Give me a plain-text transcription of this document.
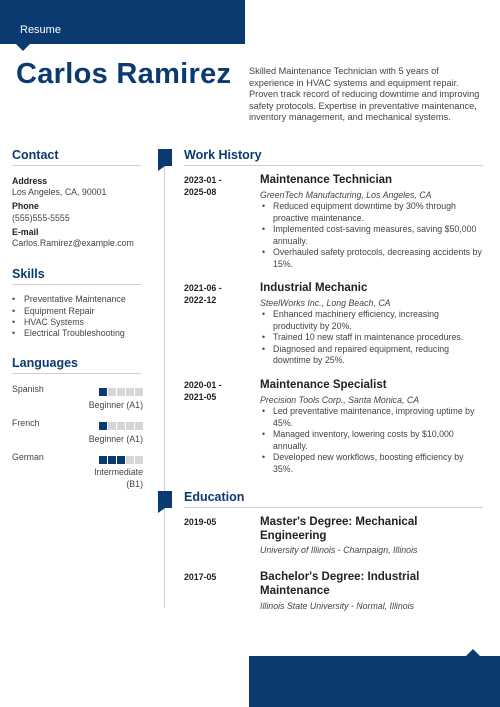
Resume
Carlos Ramirez Skilled Maintenance Technician with 5 years of experience in HVAC systems and equipment repair. Proven track record of reducing downtime and improving safety protocols. Expertise in preventative maintenance, inventory management, and mechanical systems.
Contact
Address
Los Angeles, CA, 90001
Phone
(555)555-5555
E-mail
Carlos.Ramirez@example.com
Skills
• Preventative Maintenance
• Equipment Repair
• HVAC Systems
• Electrical Troubleshooting
Languages
Spanish
Beginner (A1)
French
Beginner (A1)
German
Intermediate
(B1)
Work History
2023-01 -
2025-08
Maintenance Technician
GreenTech Manufacturing, Los Angeles, CA
• Reduced equipment downtime by 30% through proactive maintenance.
• Implemented cost-saving measures, saving $50,000 annually.
• Overhauled safety protocols, decreasing accidents by 15%.
2021-06 -
2022-12
Industrial Mechanic
SteelWorks Inc., Long Beach, CA
• Enhanced machinery efficiency, increasing productivity by 20%.
• Trained 10 new staff in maintenance procedures.
• Diagnosed and repaired equipment, reducing downtime by 25%.
2020-01 -
2021-05
Maintenance Specialist
Precision Tools Corp., Santa Monica, CA
• Led preventative maintenance, improving uptime by 45%.
• Managed inventory, lowering costs by $10,000 annually.
• Developed new workflows, boosting efficiency by 35%.
Education
2019-05	Master's Degree: Mechanical
Engineering
University of Illinois - Champaign, Illinois
2017-05	Bachelor's Degree: Industrial
Maintenance
Illinois State University - Normal, Illinois
